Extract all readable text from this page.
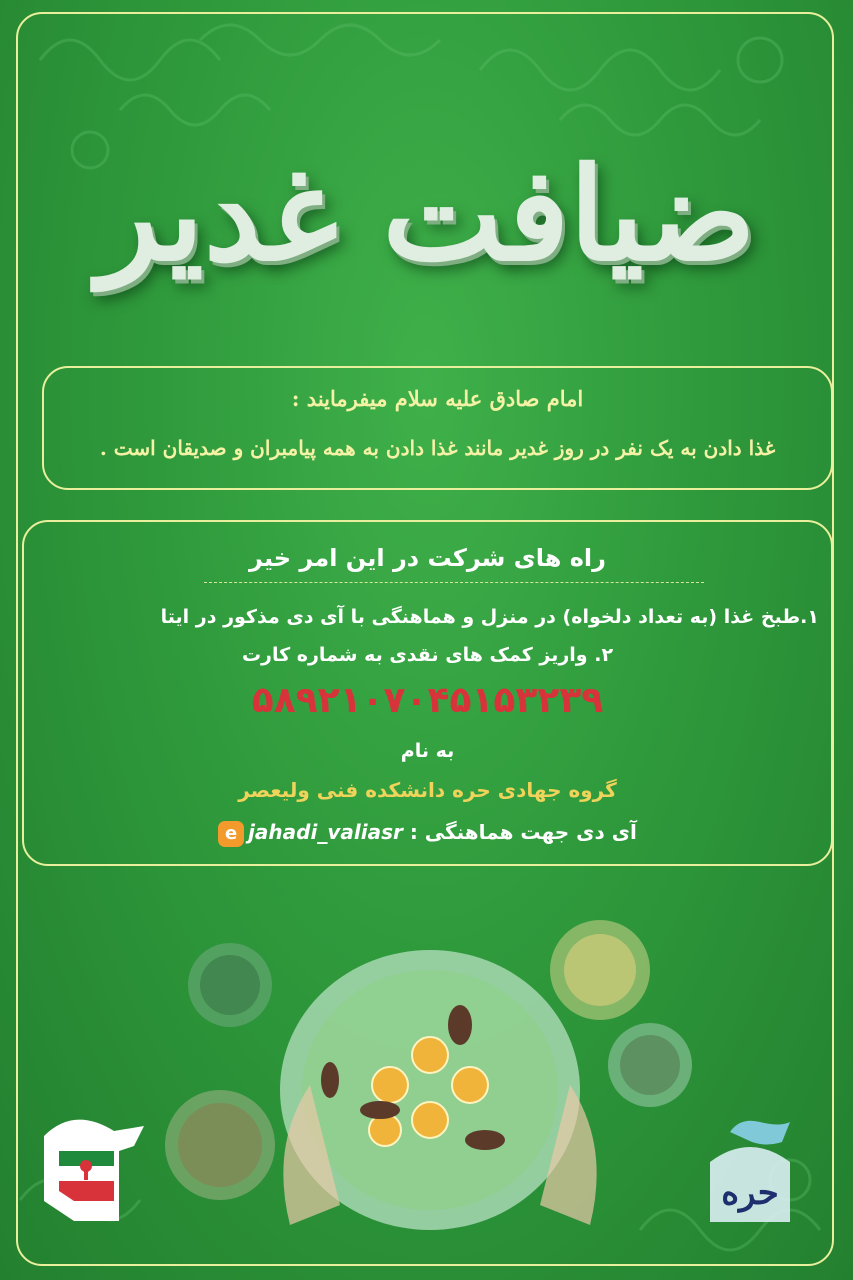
ضیافت غدیر
امام صادق علیه سلام میفرمایند :
غذا دادن به یک نفر در روز غدیر مانند غذا دادن به همه پیامبران و صدیقان است .
راه های شرکت در این امر خیر
۱.طبخ غذا (به تعداد دلخواه) در منزل و هماهنگی با آی دی مذکور در ایتا
۲. واریز کمک های نقدی به شماره کارت
۵۸۹۲۱۰۷۰۴۵۱۵۳۲۳۹
به نام
گروه جهادی حره دانشکده فنی ولیعصر
آی دی جهت هماهنگی : jahadi_valiasre
حره
